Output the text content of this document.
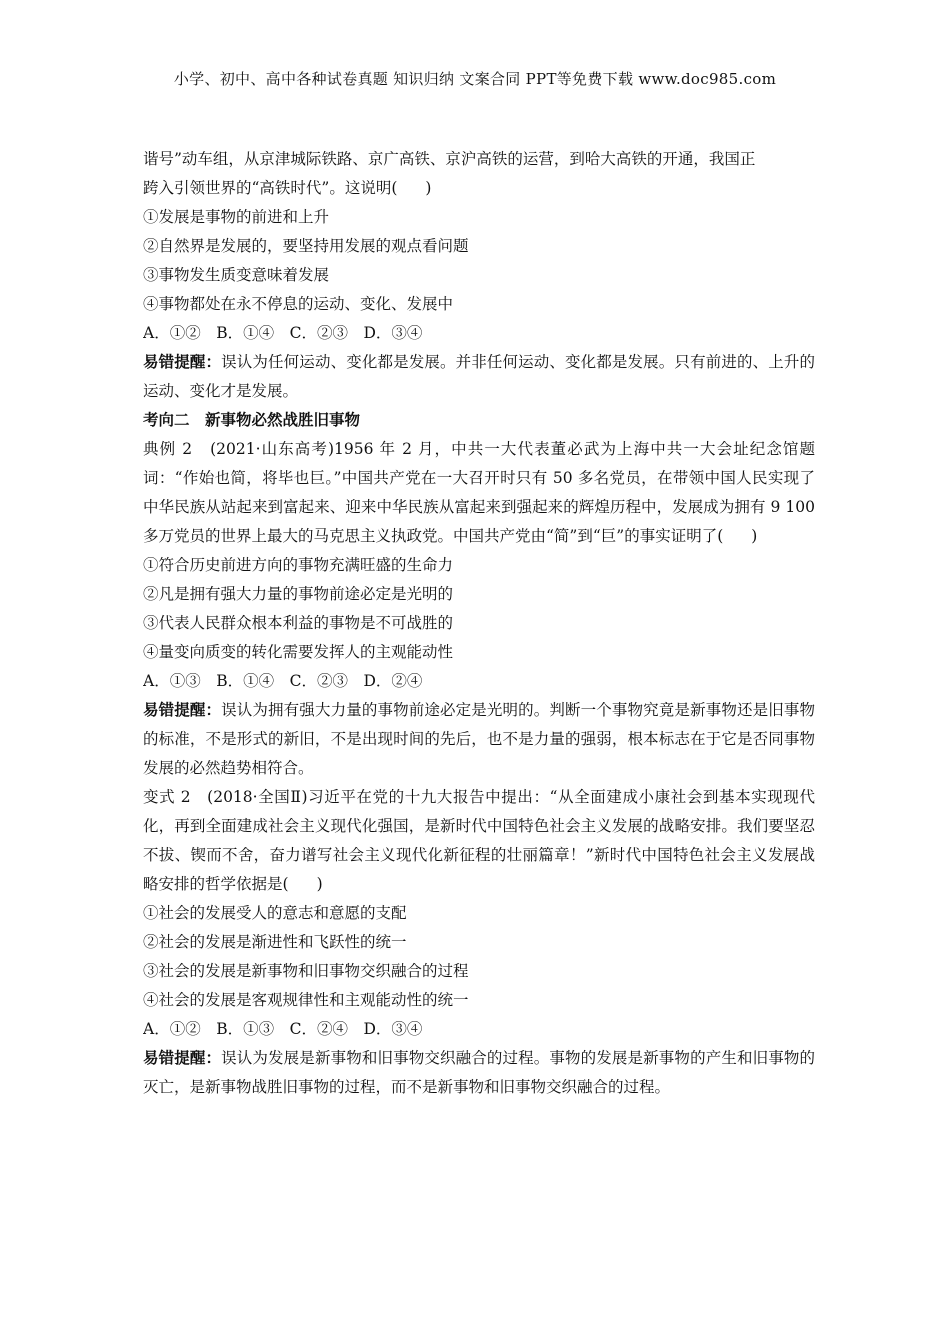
小学、初中、高中各种试卷真题 知识归纳 文案合同 PPT等免费下载 www.doc985.com
谐号”动车组，从京津城际铁路、京广高铁、京沪高铁的运营，到哈大高铁的开通，我国正
跨入引领世界的“高铁时代”。这说明( )
①发展是事物的前进和上升
②自然界是发展的，要坚持用发展的观点看问题
③事物发生质变意味着发展
④事物都处在永不停息的运动、变化、发展中
A．①②　B．①④　C．②③　D．③④
易错提醒：误认为任何运动、变化都是发展。并非任何运动、变化都是发展。只有前进的、上升的运动、变化才是发展。
考向二　新事物必然战胜旧事物
典例 2 (2021·山东高考)1956 年 2 月，中共一大代表董必武为上海中共一大会址纪念馆题词：“作始也简，将毕也巨。”中国共产党在一大召开时只有 50 多名党员，在带领中国人民实现了中华民族从站起来到富起来、迎来中华民族从富起来到强起来的辉煌历程中，发展成为拥有 9 100 多万党员的世界上最大的马克思主义执政党。中国共产党由“简”到“巨”的事实证明了( )
①符合历史前进方向的事物充满旺盛的生命力
②凡是拥有强大力量的事物前途必定是光明的
③代表人民群众根本利益的事物是不可战胜的
④量变向质变的转化需要发挥人的主观能动性
A．①③　B．①④　C．②③　D．②④
易错提醒：误认为拥有强大力量的事物前途必定是光明的。判断一个事物究竟是新事物还是旧事物的标准，不是形式的新旧，不是出现时间的先后，也不是力量的强弱，根本标志在于它是否同事物发展的必然趋势相符合。
变式 2 (2018·全国Ⅱ)习近平在党的十九大报告中提出：“从全面建成小康社会到基本实现现代化，再到全面建成社会主义现代化强国，是新时代中国特色社会主义发展的战略安排。我们要坚忍不拔、锲而不舍，奋力谱写社会主义现代化新征程的壮丽篇章！”新时代中国特色社会主义发展战略安排的哲学依据是( )
①社会的发展受人的意志和意愿的支配
②社会的发展是渐进性和飞跃性的统一
③社会的发展是新事物和旧事物交织融合的过程
④社会的发展是客观规律性和主观能动性的统一
A．①②　B．①③　C．②④　D．③④
易错提醒：误认为发展是新事物和旧事物交织融合的过程。事物的发展是新事物的产生和旧事物的灭亡，是新事物战胜旧事物的过程，而不是新事物和旧事物交织融合的过程。
